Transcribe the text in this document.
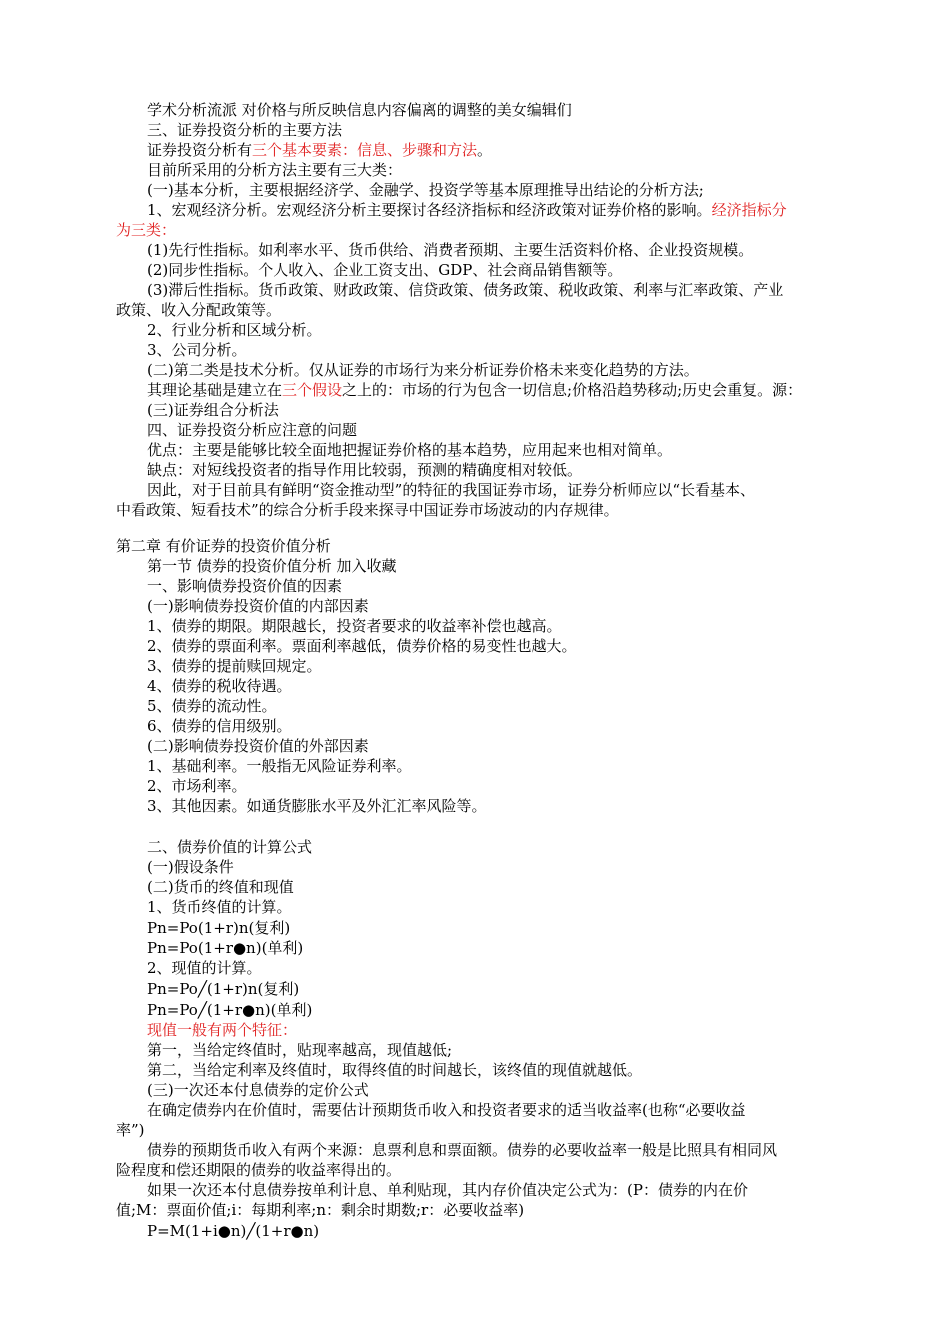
学术分析流派 对价格与所反映信息内容偏离的调整的美女编辑们
三、证券投资分析的主要方法
证券投资分析有三个基本要素：信息、步骤和方法。
目前所采用的分析方法主要有三大类：
(一)基本分析，主要根据经济学、金融学、投资学等基本原理推导出结论的分析方法;
1、宏观经济分析。宏观经济分析主要探讨各经济指标和经济政策对证券价格的影响。经济指标分
为三类：
(1)先行性指标。如利率水平、货币供给、消费者预期、主要生活资料价格、企业投资规模。
(2)同步性指标。个人收入、企业工资支出、GDP、社会商品销售额等。
(3)滞后性指标。货币政策、财政政策、信贷政策、债务政策、税收政策、利率与汇率政策、产业
政策、收入分配政策等。
2、行业分析和区域分析。
3、公司分析。
(二)第二类是技术分析。仅从证券的市场行为来分析证券价格未来变化趋势的方法。
其理论基础是建立在三个假设之上的：市场的行为包含一切信息;价格沿趋势移动;历史会重复。源：
(三)证券组合分析法
四、证券投资分析应注意的问题
优点：主要是能够比较全面地把握证券价格的基本趋势，应用起来也相对简单。
缺点：对短线投资者的指导作用比较弱，预测的精确度相对较低。
因此，对于目前具有鲜明“资金推动型”的特征的我国证券市场，证券分析师应以“长看基本、
中看政策、短看技术”的综合分析手段来探寻中国证券市场波动的内存规律。
第二章 有价证券的投资价值分析
第一节 债券的投资价值分析 加入收藏
一、影响债券投资价值的因素
(一)影响债券投资价值的内部因素
1、债券的期限。期限越长，投资者要求的收益率补偿也越高。
2、债券的票面利率。票面利率越低，债券价格的易变性也越大。
3、债券的提前赎回规定。
4、债券的税收待遇。
5、债券的流动性。
6、债券的信用级别。
(二)影响债券投资价值的外部因素
1、基础利率。一般指无风险证券利率。
2、市场利率。
3、其他因素。如通货膨胀水平及外汇汇率风险等。
二、债券价值的计算公式
(一)假设条件
(二)货币的终值和现值
1、货币终值的计算。
Pn=Po(1+r)n(复利)
Pn=Po(1+r●n)(单利)
2、现值的计算。
Pn=Po╱(1+r)n(复利)
Pn=Po╱(1+r●n)(单利)
现值一般有两个特征：
第一，当给定终值时，贴现率越高，现值越低;
第二，当给定利率及终值时，取得终值的时间越长，该终值的现值就越低。
(三)一次还本付息债券的定价公式
在确定债券内在价值时，需要估计预期货币收入和投资者要求的适当收益率(也称“必要收益
率”)
债券的预期货币收入有两个来源：息票利息和票面额。债券的必要收益率一般是比照具有相同风
险程度和偿还期限的债券的收益率得出的。
如果一次还本付息债券按单利计息、单利贴现，其内存价值决定公式为：(P：债券的内在价
值;M：票面价值;i：每期利率;n：剩余时期数;r：必要收益率)
P=M(1+i●n)╱(1+r●n)
